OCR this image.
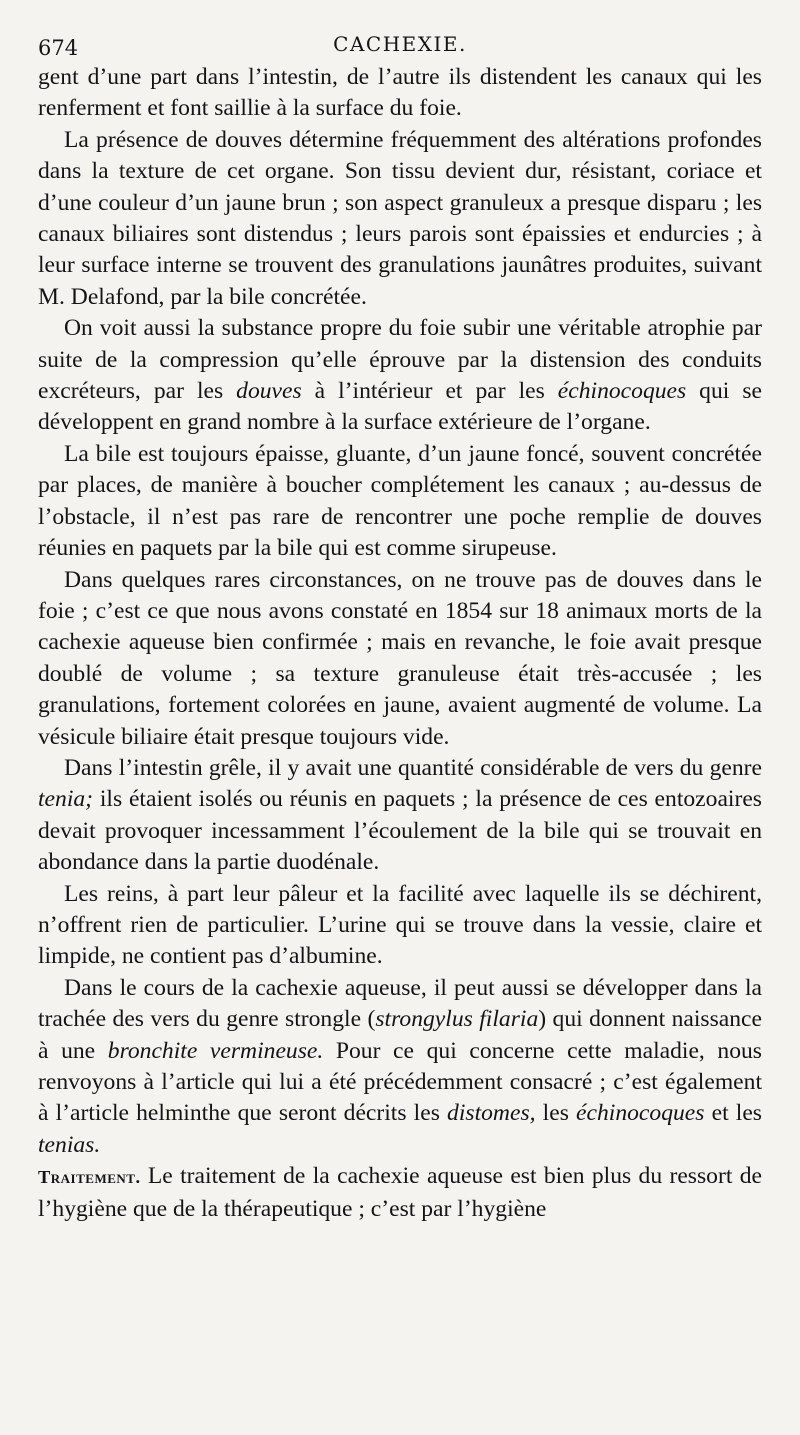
674	CACHEXIE.

gent d’une part dans l’intestin, de l’autre ils distendent les canaux qui les renferment et font saillie à la surface du foie.

La présence de douves détermine fréquemment des altérations profondes dans la texture de cet organe. Son tissu devient dur, résistant, coriace et d’une couleur d’un jaune brun ; son aspect granuleux a presque disparu ; les canaux biliaires sont distendus ; leurs parois sont épaissies et endurcies ; à leur surface interne se trouvent des granulations jaunâtres produites, suivant M. Delafond, par la bile concrétée.

On voit aussi la substance propre du foie subir une véritable atrophie par suite de la compression qu’elle éprouve par la distension des conduits excréteurs, par les douves à l’intérieur et par les échinocoques qui se développent en grand nombre à la surface extérieure de l’organe.

La bile est toujours épaisse, gluante, d’un jaune foncé, souvent concrétée par places, de manière à boucher complétement les canaux ; au-dessus de l’obstacle, il n’est pas rare de rencontrer une poche remplie de douves réunies en paquets par la bile qui est comme sirupeuse.

Dans quelques rares circonstances, on ne trouve pas de douves dans le foie ; c’est ce que nous avons constaté en 1854 sur 18 animaux morts de la cachexie aqueuse bien confirmée ; mais en revanche, le foie avait presque doublé de volume ; sa texture granuleuse était très-accusée ; les granulations, fortement colorées en jaune, avaient augmenté de volume. La vésicule biliaire était presque toujours vide.

Dans l’intestin grêle, il y avait une quantité considérable de vers du genre tenia; ils étaient isolés ou réunis en paquets ; la présence de ces entozoaires devait provoquer incessamment l’écoulement de la bile qui se trouvait en abondance dans la partie duodénale.

Les reins, à part leur pâleur et la facilité avec laquelle ils se déchirent, n’offrent rien de particulier. L’urine qui se trouve dans la vessie, claire et limpide, ne contient pas d’albumine.

Dans le cours de la cachexie aqueuse, il peut aussi se développer dans la trachée des vers du genre strongle (strongylus filaria) qui donnent naissance à une bronchite vermineuse. Pour ce qui concerne cette maladie, nous renvoyons à l’article qui lui a été précédemment consacré ; c’est également à l’article helminthe que seront décrits les distomes, les échinocoques et les tenias.

Traitement. Le traitement de la cachexie aqueuse est bien plus du ressort de l’hygiène que de la thérapeutique ; c’est par l’hygiène
